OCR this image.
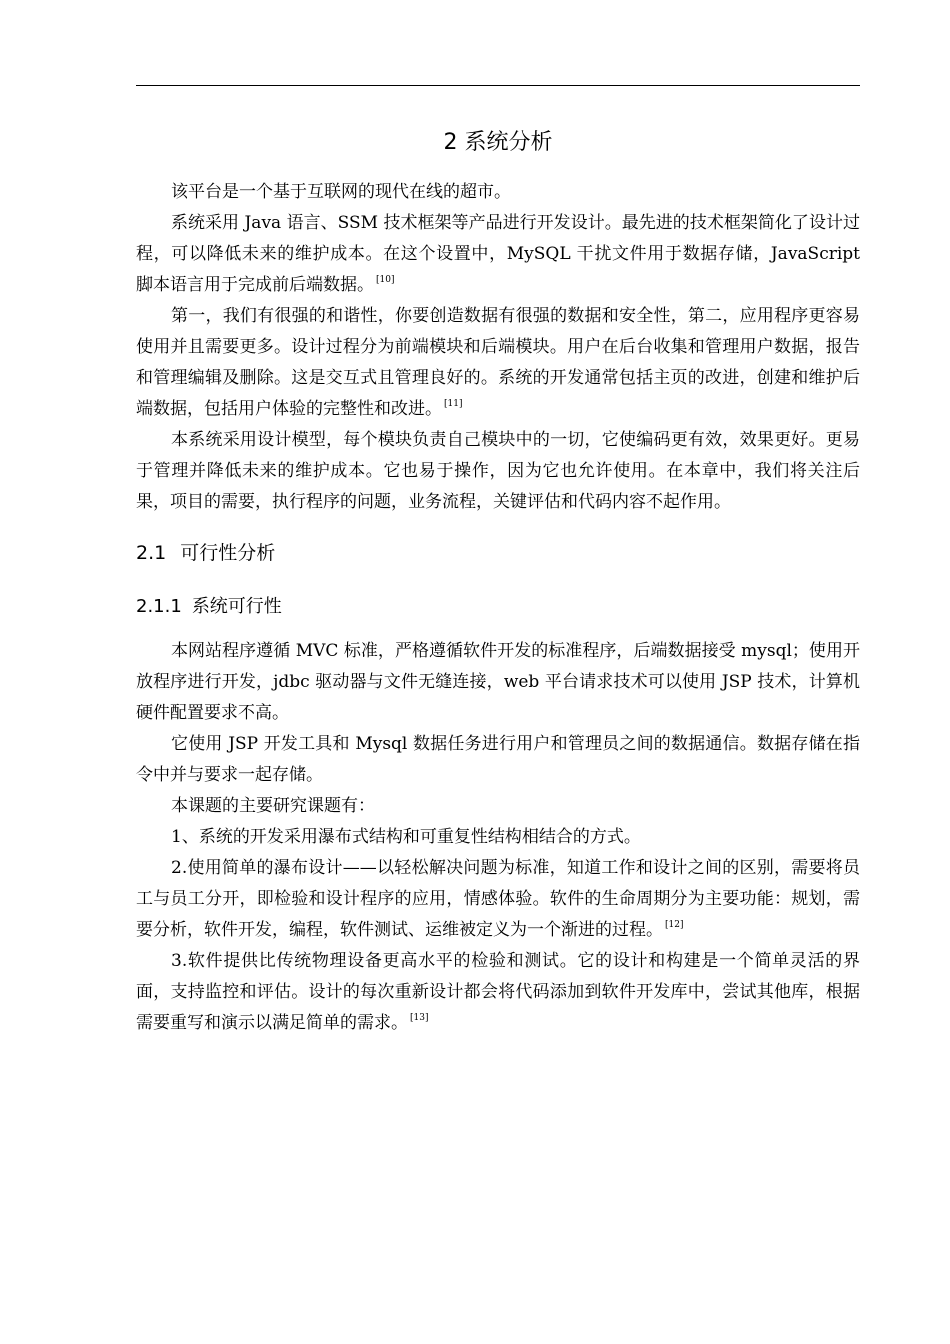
2 系统分析

该平台是一个基于互联网的现代在线的超市。

系统采用 Java 语言、SSM 技术框架等产品进行开发设计。最先进的技术框架简化了设计过程，可以降低未来的维护成本。在这个设置中，MySQL 干扰文件用于数据存储，JavaScript 脚本语言用于完成前后端数据。 [10]

第一，我们有很强的和谐性，你要创造数据有很强的数据和安全性，第二，应用程序更容易使用并且需要更多。设计过程分为前端模块和后端模块。用户在后台收集和管理用户数据，报告和管理编辑及删除。这是交互式且管理良好的。系统的开发通常包括主页的改进，创建和维护后端数据，包括用户体验的完整性和改进。 [11]

本系统采用设计模型，每个模块负责自己模块中的一切，它使编码更有效，效果更好。更易于管理并降低未来的维护成本。它也易于操作，因为它也允许使用。在本章中，我们将关注后果，项目的需要，执行程序的问题，业务流程，关键评估和代码内容不起作用。

2.1 可行性分析
2.1.1 系统可行性

本网站程序遵循 MVC 标准，严格遵循软件开发的标准程序，后端数据接受 mysql；使用开放程序进行开发，jdbc 驱动器与文件无缝连接，web 平台请求技术可以使用 JSP 技术，计算机硬件配置要求不高。

它使用 JSP 开发工具和 Mysql 数据任务进行用户和管理员之间的数据通信。数据存储在指令中并与要求一起存储。

本课题的主要研究课题有：

1、系统的开发采用瀑布式结构和可重复性结构相结合的方式。

2.使用简单的瀑布设计——以轻松解决问题为标准，知道工作和设计之间的区别，需要将员工与员工分开，即检验和设计程序的应用，情感体验。软件的生命周期分为主要功能：规划，需要分析，软件开发，编程，软件测试、运维被定义为一个渐进的过程。 [12]

3.软件提供比传统物理设备更高水平的检验和测试。它的设计和构建是一个简单灵活的界面，支持监控和评估。设计的每次重新设计都会将代码添加到软件开发库中，尝试其他库，根据需要重写和演示以满足简单的需求。 [13]
